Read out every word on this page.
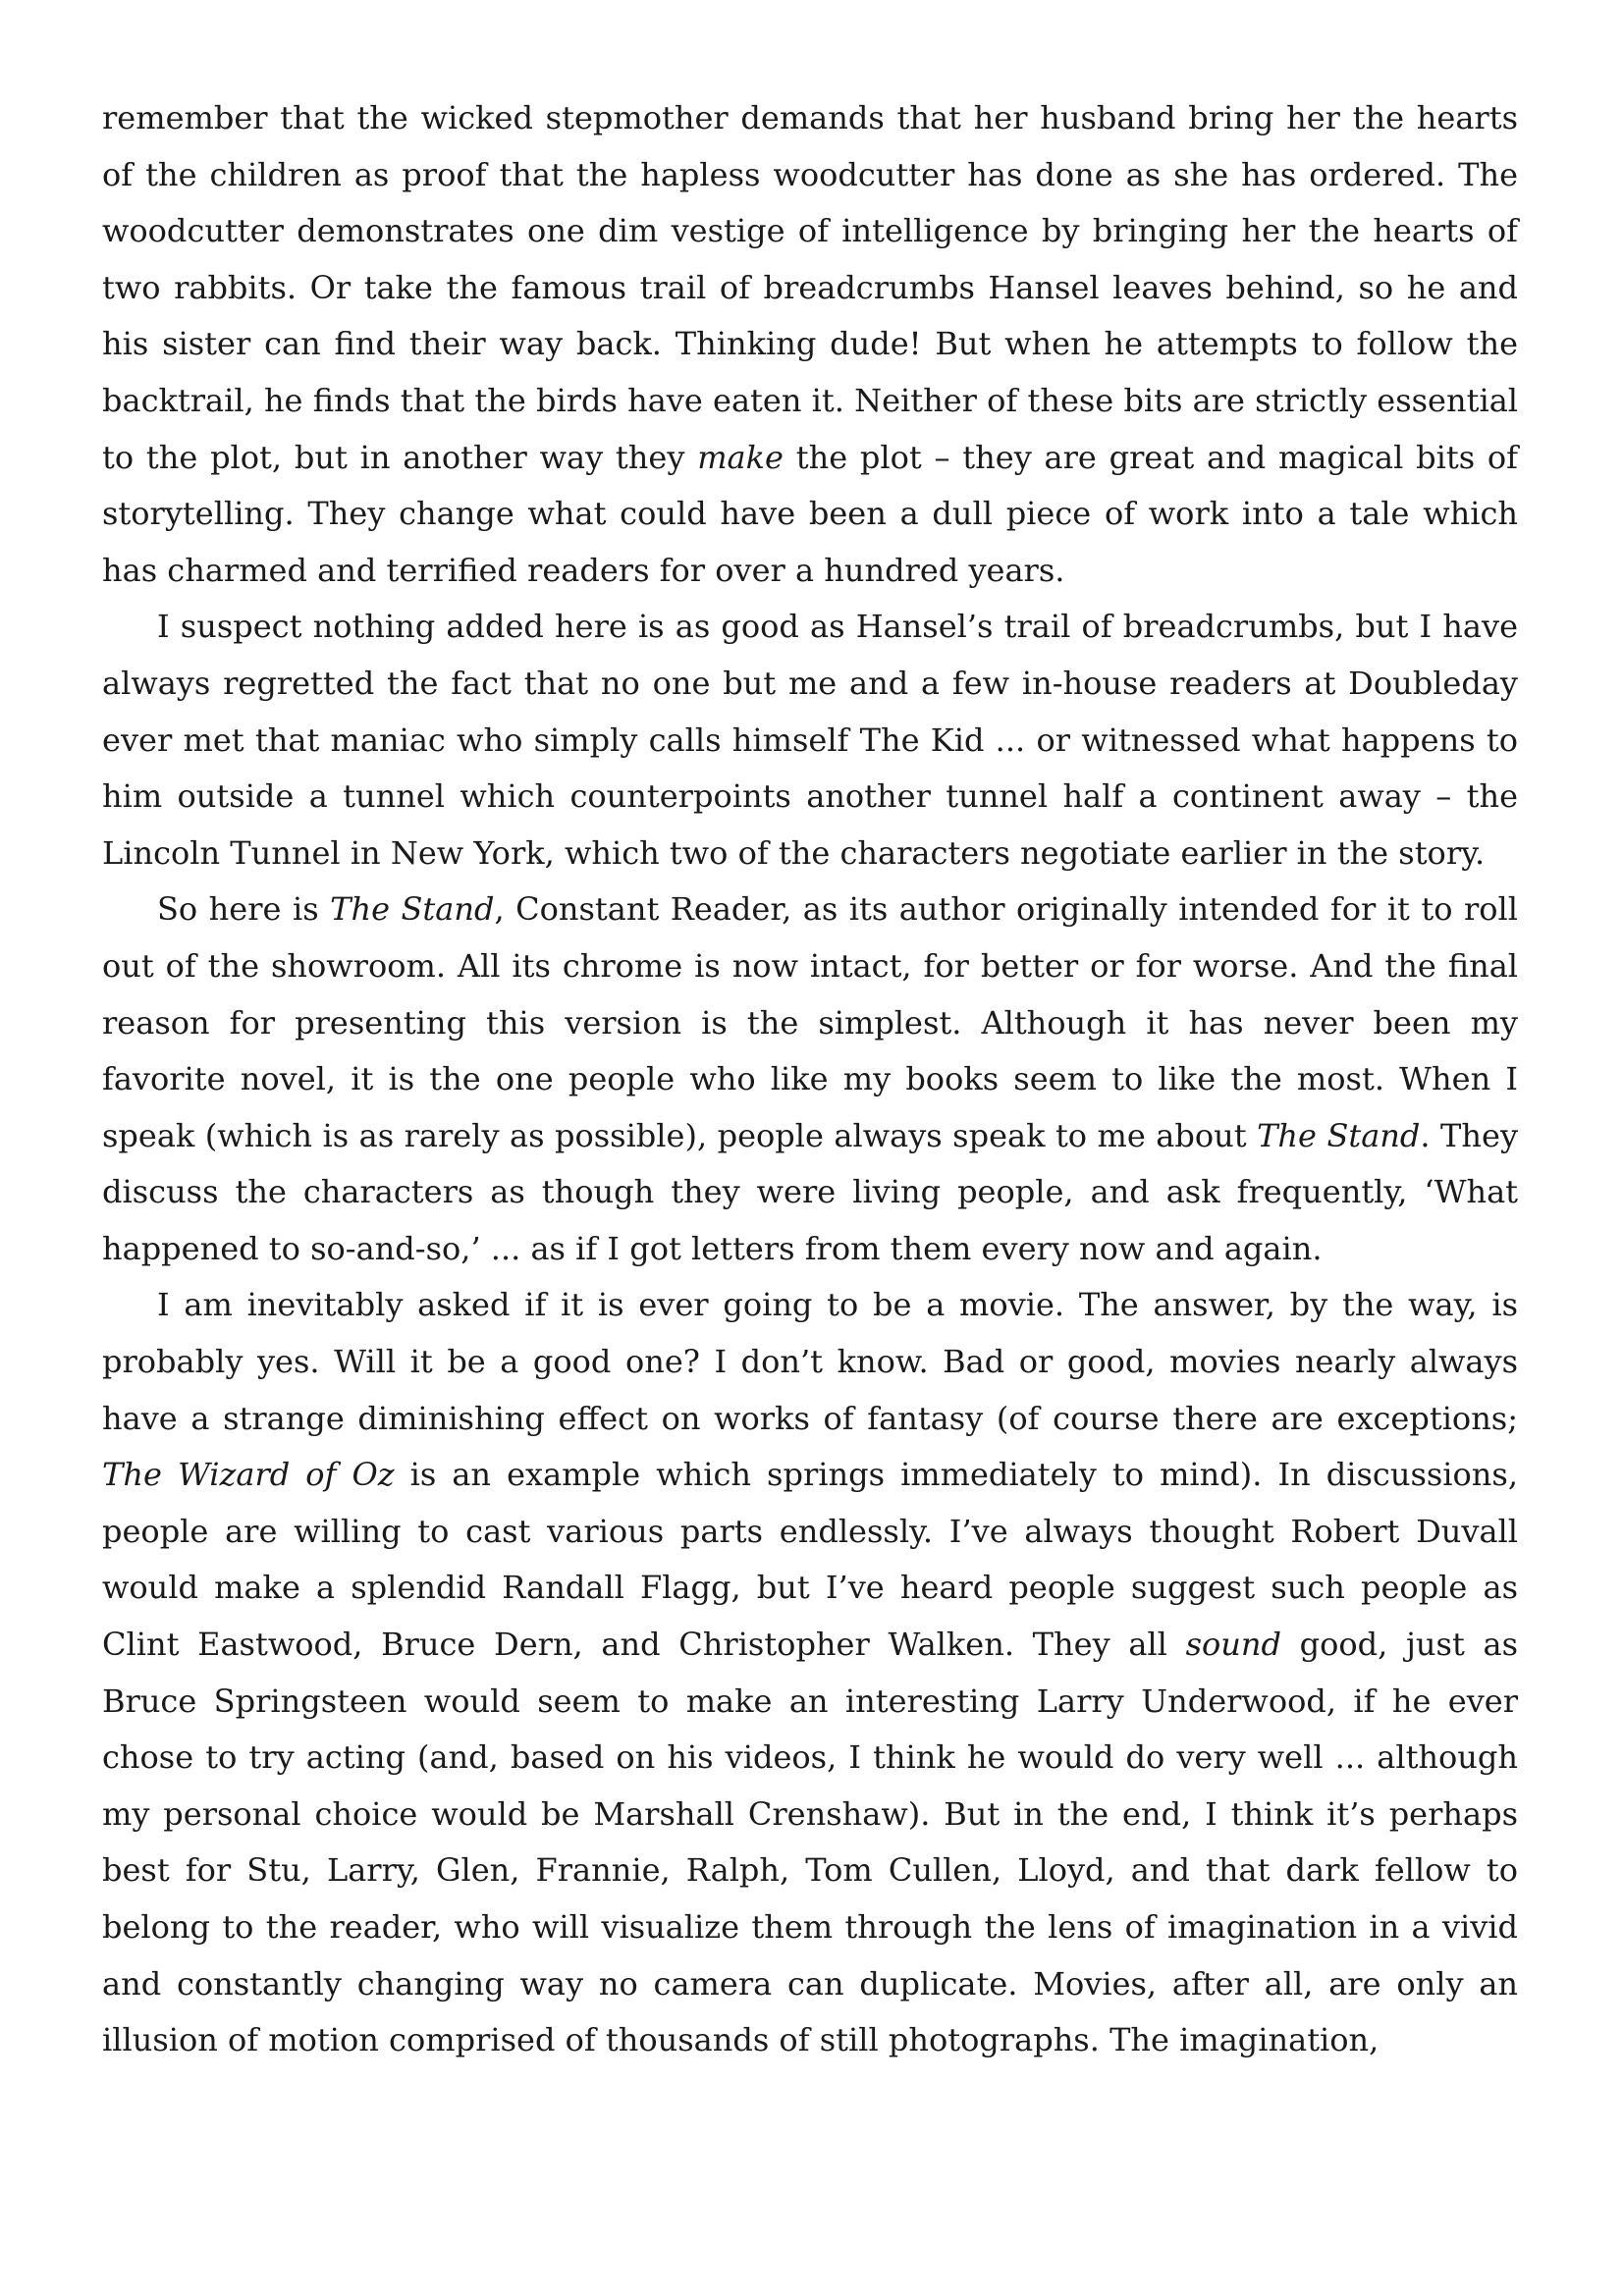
remember that the wicked stepmother demands that her husband bring her the hearts of the children as proof that the hapless woodcutter has done as she has ordered. The woodcutter demonstrates one dim vestige of intelligence by bringing her the hearts of two rabbits. Or take the famous trail of breadcrumbs Hansel leaves behind, so he and his sister can find their way back. Thinking dude! But when he attempts to follow the backtrail, he finds that the birds have eaten it. Neither of these bits are strictly essential to the plot, but in another way they make the plot – they are great and magical bits of storytelling. They change what could have been a dull piece of work into a tale which has charmed and terrified readers for over a hundred years.

I suspect nothing added here is as good as Hansel’s trail of breadcrumbs, but I have always regretted the fact that no one but me and a few in-house readers at Doubleday ever met that maniac who simply calls himself The Kid ... or witnessed what happens to him outside a tunnel which counterpoints another tunnel half a continent away – the Lincoln Tunnel in New York, which two of the characters negotiate earlier in the story.

So here is The Stand, Constant Reader, as its author originally intended for it to roll out of the showroom. All its chrome is now intact, for better or for worse. And the final reason for presenting this version is the simplest. Although it has never been my favorite novel, it is the one people who like my books seem to like the most. When I speak (which is as rarely as possible), people always speak to me about The Stand. They discuss the characters as though they were living people, and ask frequently, ‘What happened to so-and-so,’ ... as if I got letters from them every now and again.

I am inevitably asked if it is ever going to be a movie. The answer, by the way, is probably yes. Will it be a good one? I don’t know. Bad or good, movies nearly always have a strange diminishing effect on works of fantasy (of course there are exceptions; The Wizard of Oz is an example which springs immediately to mind). In discussions, people are willing to cast various parts endlessly. I’ve always thought Robert Duvall would make a splendid Randall Flagg, but I’ve heard people suggest such people as Clint Eastwood, Bruce Dern, and Christopher Walken. They all sound good, just as Bruce Springsteen would seem to make an interesting Larry Underwood, if he ever chose to try acting (and, based on his videos, I think he would do very well ... although my personal choice would be Marshall Crenshaw). But in the end, I think it’s perhaps best for Stu, Larry, Glen, Frannie, Ralph, Tom Cullen, Lloyd, and that dark fellow to belong to the reader, who will visualize them through the lens of imagination in a vivid and constantly changing way no camera can duplicate. Movies, after all, are only an illusion of motion comprised of thousands of still photographs. The imagination,
